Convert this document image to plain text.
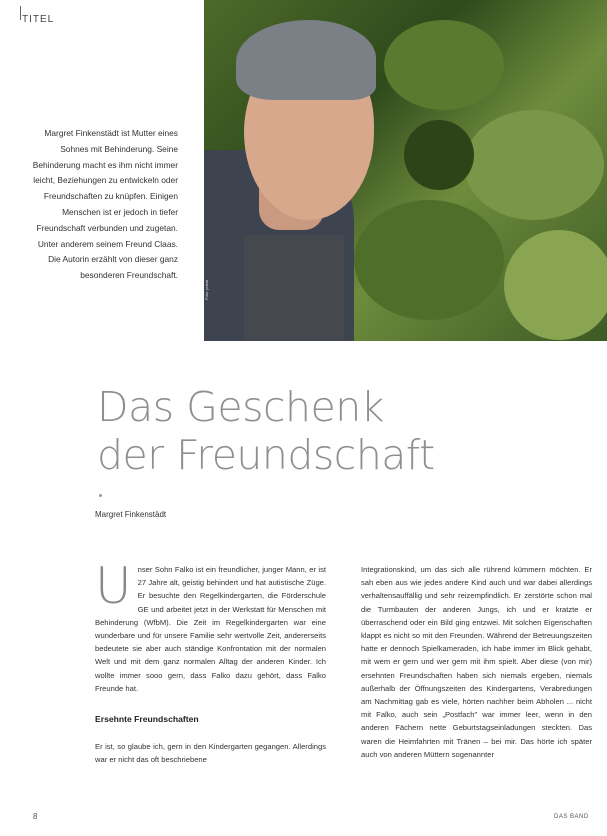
TITEL
Foto: privat
Margret Finkenstädt ist Mutter eines Sohnes mit Behinderung. Seine Behinderung macht es ihm nicht immer leicht, Beziehungen zu entwickeln oder Freundschaften zu knüpfen. Einigen Menschen ist er jedoch in tiefer Freundschaft verbunden und zugetan. Unter anderem seinem Freund Claas. Die Autorin erzählt von dieser ganz besonderen Freundschaft.
Das Geschenk
der Freundschaft
Margret Finkenstädt
U nser Sohn Falko ist ein freundlicher, junger Mann, er ist 27 Jahre alt, geistig behindert und hat autistische Züge. Er besuchte den Regelkindergarten, die Förderschule GE und arbeitet jetzt in der Werkstatt für Menschen mit Behinderung (WfbM). Die Zeit im Regelkindergarten war eine wunderbare und für unsere Familie sehr wertvolle Zeit, andererseits bedeutete sie aber auch ständige Konfrontation mit der normalen Welt und mit dem ganz normalen Alltag der anderen Kinder. Ich wollte immer sooo gern, dass Falko dazu gehört, dass Falko Freunde hat.

Ersehnte Freundschaften

Er ist, so glaube ich, gern in den Kindergarten gegangen. Allerdings war er nicht das oft beschriebene

Integrationskind, um das sich alle rührend kümmern möchten. Er sah eben aus wie jedes andere Kind auch und war dabei allerdings verhaltensauffällig und sehr reizempfindlich. Er zerstörte schon mal die Turmbauten der anderen Jungs, ich und er kratzte er überraschend oder ein Bild ging entzwei. Mit solchen Eigenschaften klappt es nicht so mit den Freunden. Während der Betreuungszeiten hatte er dennoch Spielkameraden, ich habe immer im Blick gehabt, mit wem er gern und wer gern mit ihm spielt. Aber diese (von mir) ersehnten Freundschaften haben sich niemals ergeben, niemals außerhalb der Öffnungszeiten des Kindergartens, Verabredungen am Nachmittag gab es viele, hörten nachher beim Abholen ... nicht mit Falko, auch sein „Postfach" war immer leer, wenn in den anderen Fächern nette Geburtstagseinladungen steckten. Das waren die Heimfahrten mit Tränen – bei mir. Das hörte ich später auch von anderen Müttern sogenannter

8	DAS BAND
